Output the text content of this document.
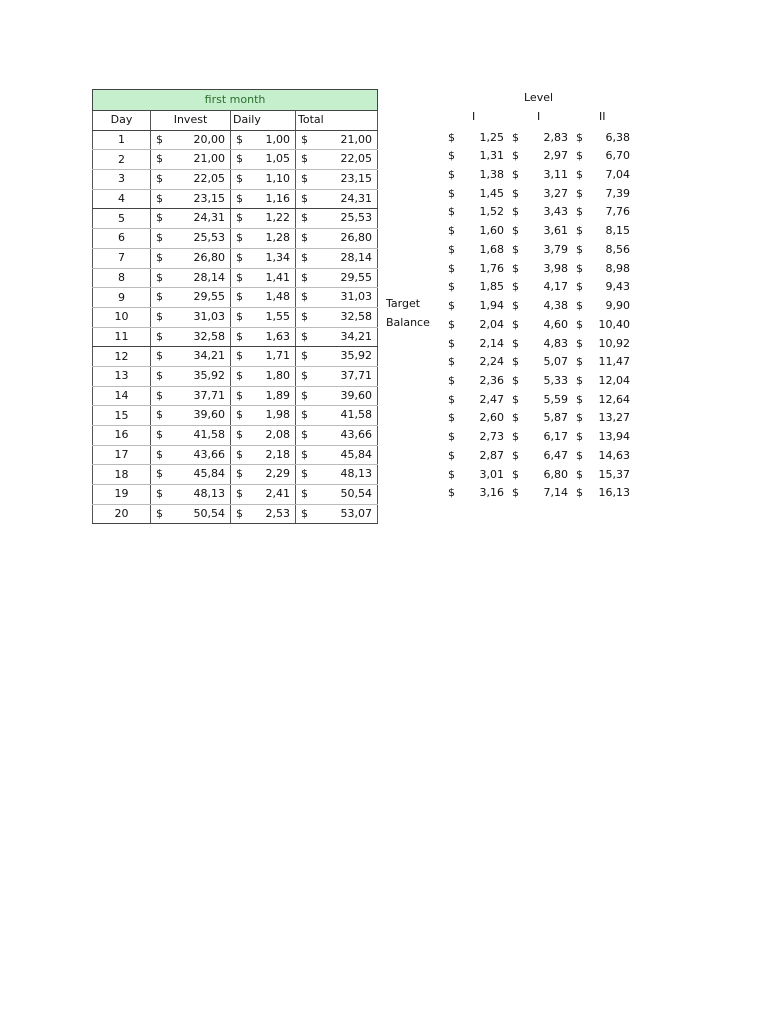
first month			
Day	Invest	Daily	Total
1	$ 20,00	$ 1,00	$ 21,00

2	$ 21,00	$ 1,05	$ 22,05

3	$ 22,05	$ 1,10	$ 23,15

4	$ 23,15	$ 1,16	$ 24,31

5	$ 24,31	$ 1,22	$ 25,53

6	$ 25,53	$ 1,28	$ 26,80

7	$ 26,80	$ 1,34	$ 28,14

8	$ 28,14	$ 1,41	$ 29,55

9	$ 29,55	$ 1,48	$ 31,03

10	$ 31,03	$ 1,55	$ 32,58

11	$ 32,58	$ 1,63	$ 34,21

12	$ 34,21	$ 1,71	$ 35,92

13	$ 35,92	$ 1,80	$ 37,71

14	$ 37,71	$ 1,89	$ 39,60

15	$ 39,60	$ 1,98	$ 41,58

16	$ 41,58	$ 2,08	$ 43,66

17	$ 43,66	$ 2,18	$ 45,84

18	$ 45,84	$ 2,29	$ 48,13

19	$ 48,13	$ 2,41	$ 50,54

20	$ 50,54	$ 2,53	$ 53,07
Level
I	I	II
Target
Balance
$ 1,25 $ 2,83 $ 6,38
$ 1,31 $ 2,97 $ 6,70
$ 1,38 $ 3,11 $ 7,04
$ 1,45 $ 3,27 $ 7,39
$ 1,52 $ 3,43 $ 7,76
$ 1,60 $ 3,61 $ 8,15
$ 1,68 $ 3,79 $ 8,56
$ 1,76 $ 3,98 $ 8,98
$ 1,85 $ 4,17 $ 9,43
$ 1,94 $ 4,38 $ 9,90
$ 2,04 $ 4,60 $ 10,40
$ 2,14 $ 4,83 $ 10,92
$ 2,24 $ 5,07 $ 11,47
$ 2,36 $ 5,33 $ 12,04
$ 2,47 $ 5,59 $ 12,64
$ 2,60 $ 5,87 $ 13,27
$ 2,73 $ 6,17 $ 13,94
$ 2,87 $ 6,47 $ 14,63
$ 3,01 $ 6,80 $ 15,37
$ 3,16 $ 7,14 $ 16,13
